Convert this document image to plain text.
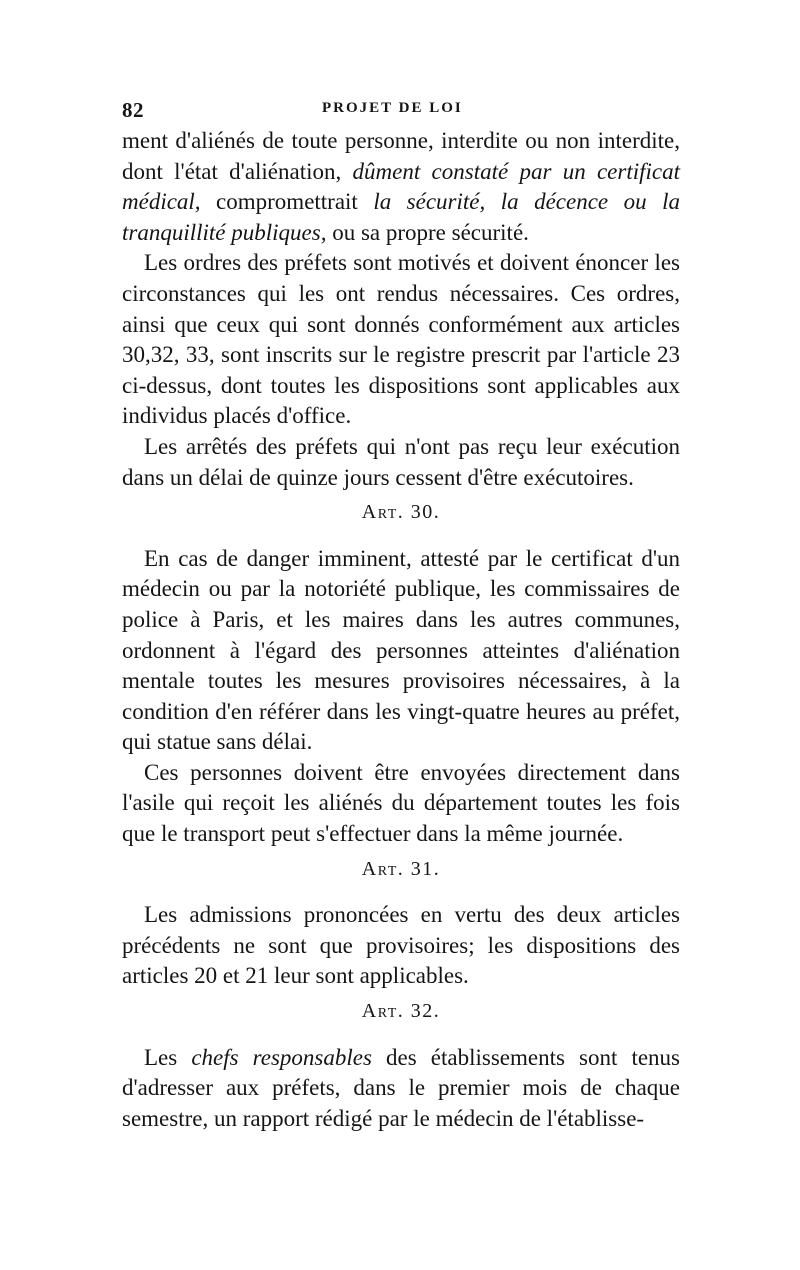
82	PROJET DE LOI

ment d'aliénés de toute personne, interdite ou non interdite, dont l'état d'aliénation, dûment constaté par un certificat médical, compromettrait la sécurité, la décence ou la tranquillité publiques, ou sa propre sécurité.

Les ordres des préfets sont motivés et doivent énoncer les circonstances qui les ont rendus nécessaires. Ces ordres, ainsi que ceux qui sont donnés conformément aux articles 30,32, 33, sont inscrits sur le registre prescrit par l'article 23 ci-dessus, dont toutes les dispositions sont applicables aux individus placés d'office.

Les arrêtés des préfets qui n'ont pas reçu leur exécution dans un délai de quinze jours cessent d'être exécutoires.

Art. 30.

En cas de danger imminent, attesté par le certificat d'un médecin ou par la notoriété publique, les commissaires de police à Paris, et les maires dans les autres communes, ordonnent à l'égard des personnes atteintes d'aliénation mentale toutes les mesures provisoires nécessaires, à la condition d'en référer dans les vingt-quatre heures au préfet, qui statue sans délai.

Ces personnes doivent être envoyées directement dans l'asile qui reçoit les aliénés du département toutes les fois que le transport peut s'effectuer dans la même journée.

Art. 31.

Les admissions prononcées en vertu des deux articles précédents ne sont que provisoires; les dispositions des articles 20 et 21 leur sont applicables.

Art. 32.

Les chefs responsables des établissements sont tenus d'adresser aux préfets, dans le premier mois de chaque semestre, un rapport rédigé par le médecin de l'établisse-
